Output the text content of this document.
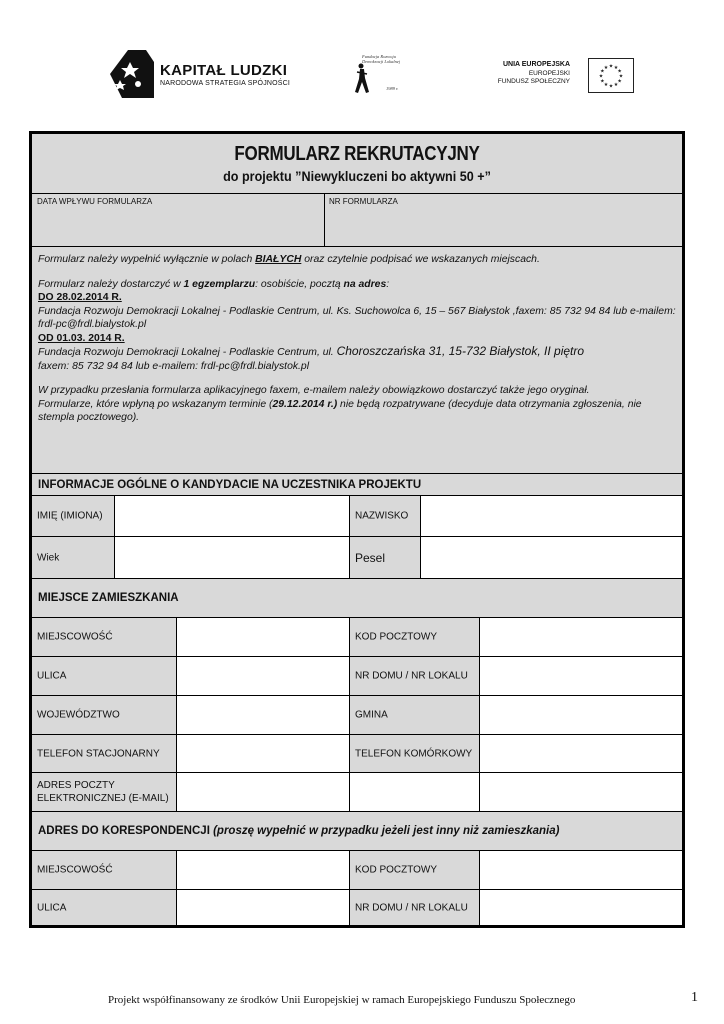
KAPITAŁ LUDZKI
NARODOWA STRATEGIA SPÓJNOŚCI
Fundacja Rozwoju
Demokracji Lokalnej
1989 r.
UNIA EUROPEJSKA
EUROPEJSKI
FUNDUSZ SPOŁECZNY
★
★
★
★
★
★
★
★
★ ★ ★
★
FORMULARZ REKRUTACYJNY
do projektu ”Niewykluczeni bo aktywni 50 +”
DATA WPŁYWU FORMULARZA	NR FORMULARZA

Formularz należy wypełnić wyłącznie w polach BIAŁYCH oraz czytelnie podpisać we wskazanych miejscach.

Formularz należy dostarczyć w 1 egzemplarzu: osobiście, pocztą na adres:

DO 28.02.2014 R.

Fundacja Rozwoju Demokracji Lokalnej - Podlaskie Centrum, ul. Ks. Suchowolca 6, 15 – 567 Białystok ,faxem: 85 732 94 84 lub e-mailem: frdl-pc@frdl.bialystok.pl

OD 01.03. 2014 R.

Fundacja Rozwoju Demokracji Lokalnej - Podlaskie Centrum, ul. Choroszczańska 31, 15-732 Białystok, II piętro

faxem: 85 732 94 84 lub e-mailem: frdl-pc@frdl.bialystok.pl

W przypadku przesłania formularza aplikacyjnego faxem, e-mailem należy obowiązkowo dostarczyć także jego oryginał.

Formularze, które wpłyną po wskazanym terminie (29.12.2014 r.) nie będą rozpatrywane (decyduje data otrzymania zgłoszenia, nie stempla pocztowego).

INFORMACJE OGÓLNE O KANDYDACIE NA UCZESTNIKA PROJEKTU
IMIĘ (IMIONA)	NAZWISKO
Wiek	Pesel
MIEJSCE ZAMIESZKANIA
MIEJSCOWOŚĆ	KOD POCZTOWY
ULICA	NR DOMU / NR LOKALU
WOJEWÓDZTWO	GMINA
TELEFON STACJONARNY	TELEFON KOMÓRKOWY
ADRES POCZTY
ELEKTRONICZNEJ (E-MAIL)
ADRES DO KORESPONDENCJI (proszę wypełnić w przypadku jeżeli jest inny niż zamieszkania)
MIEJSCOWOŚĆ	KOD POCZTOWY
ULICA	NR DOMU / NR LOKALU
Projekt współfinansowany ze środków Unii Europejskiej w ramach Europejskiego Funduszu Społecznego	1
